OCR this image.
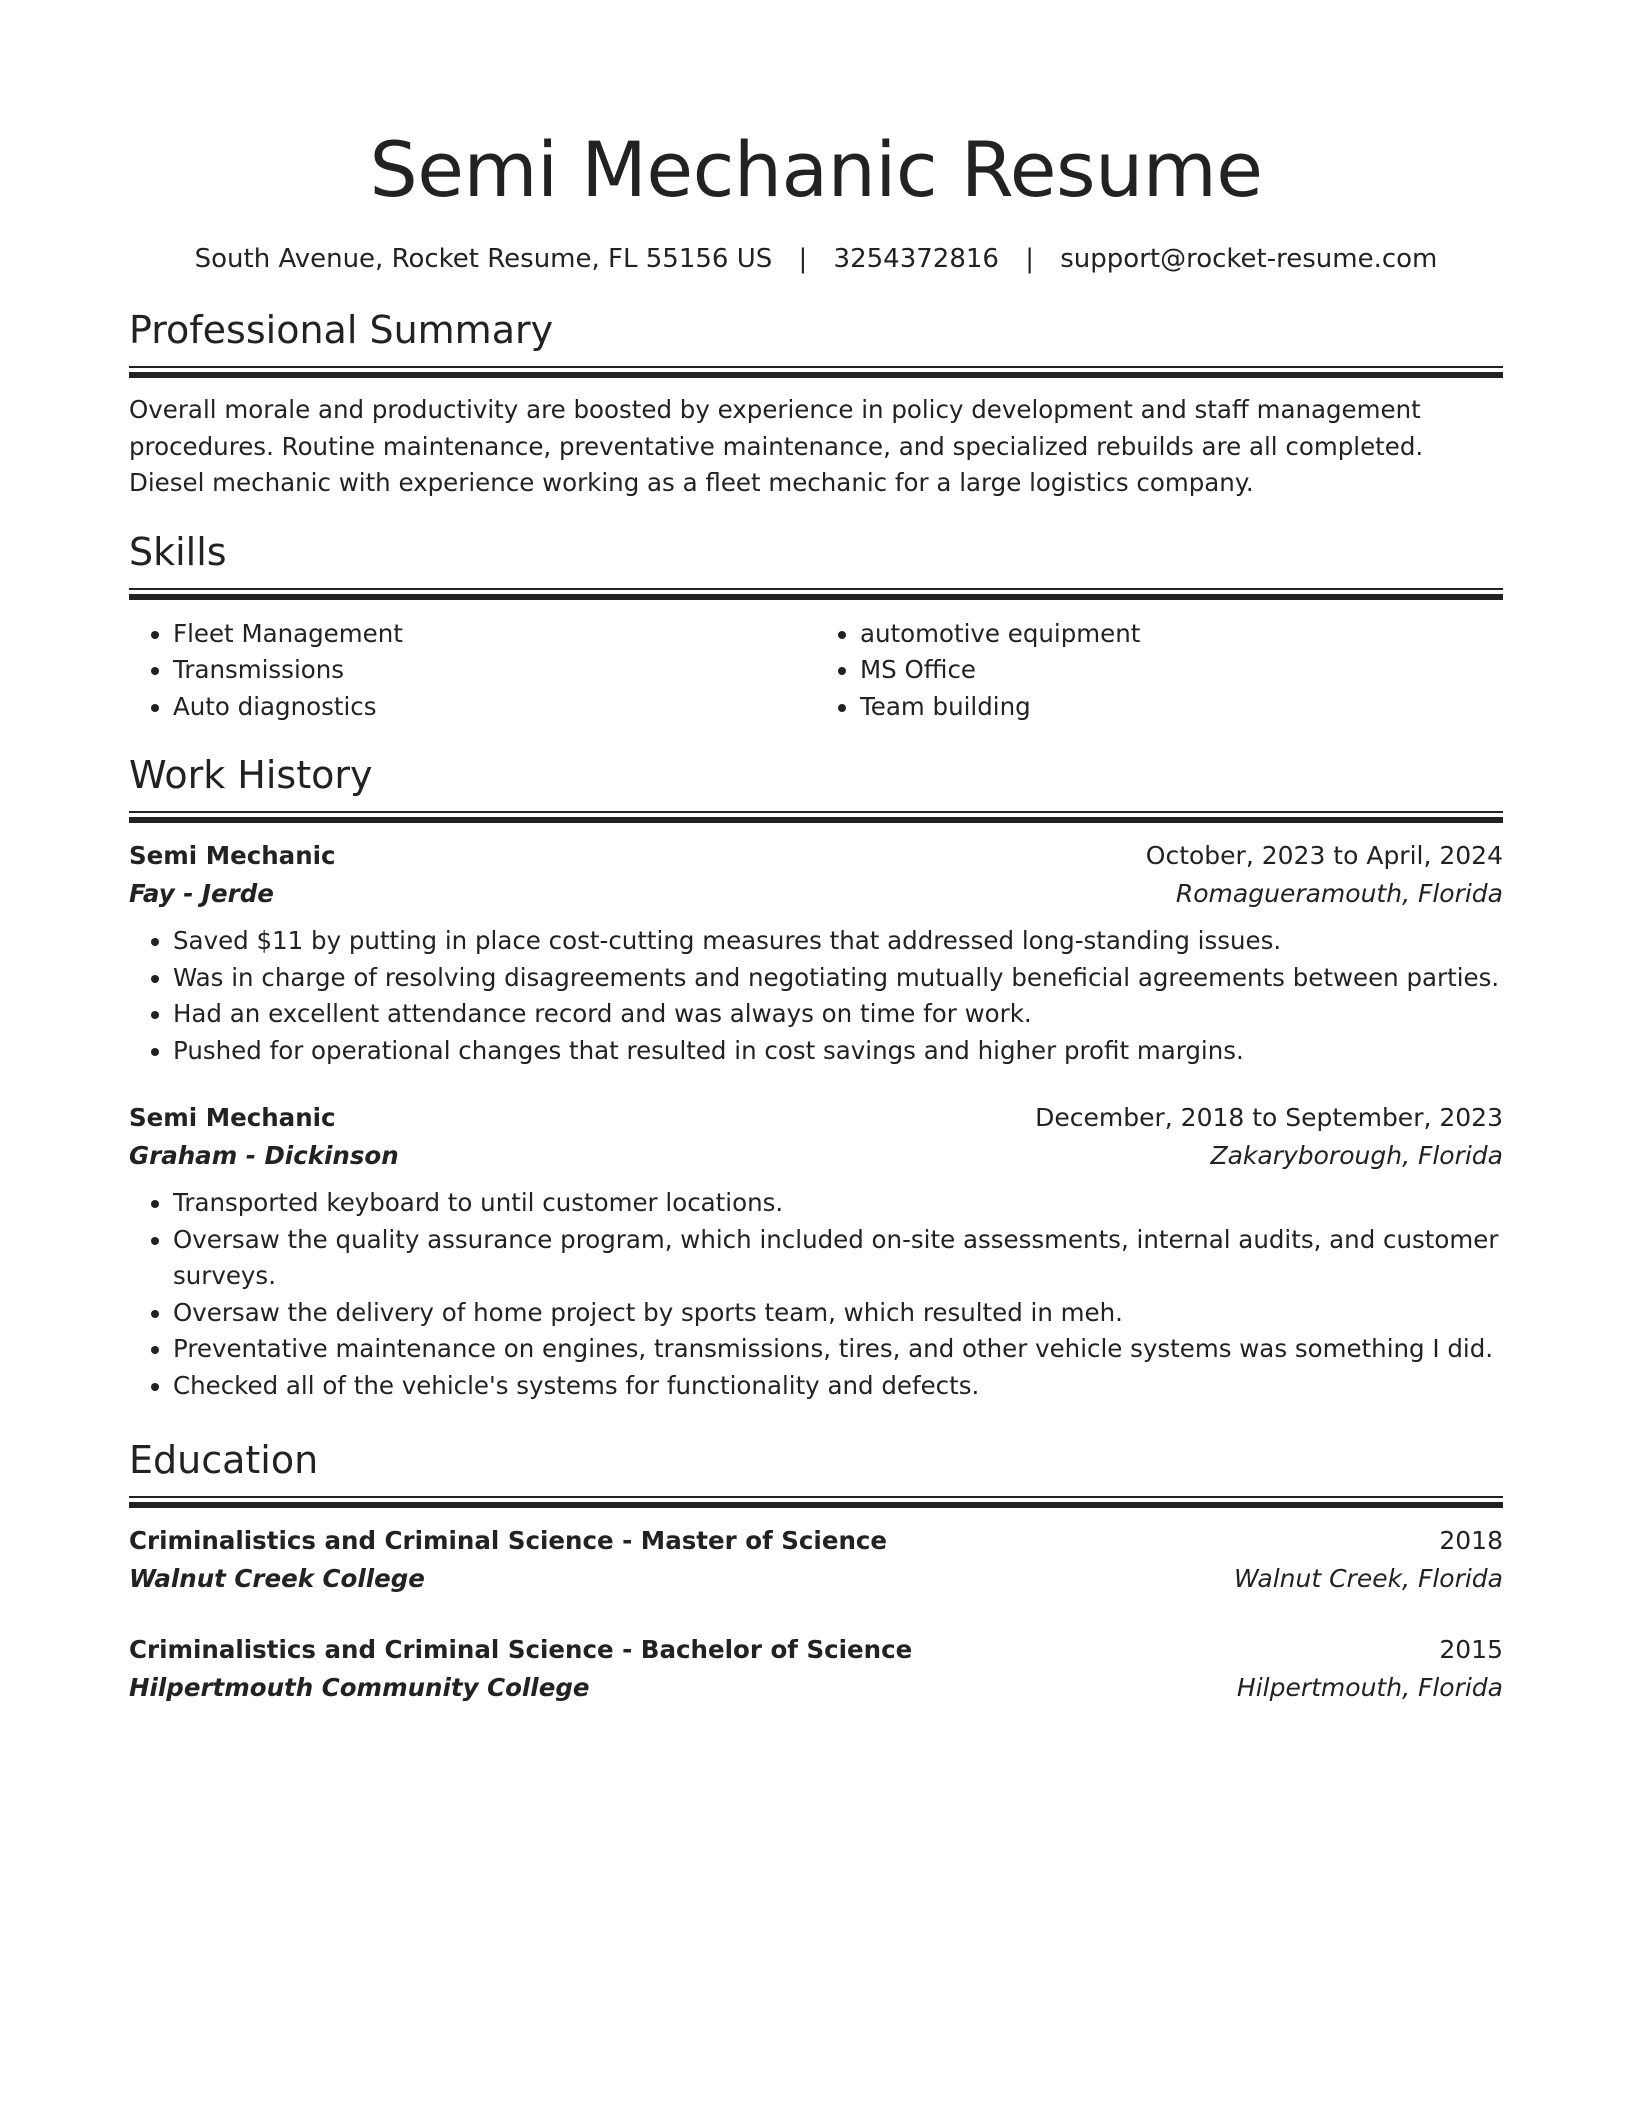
Semi Mechanic Resume
South Avenue, Rocket Resume, FL 55156 US | 3254372816 | support@rocket-resume.com
Professional Summary
Overall morale and productivity are boosted by experience in policy development and staff management procedures. Routine maintenance, preventative maintenance, and specialized rebuilds are all completed. Diesel mechanic with experience working as a fleet mechanic for a large logistics company.
Skills
• Fleet Management
• Transmissions
• Auto diagnostics
• automotive equipment
• MS Office
• Team building
Work History
Semi Mechanic	October, 2023 to April, 2024
Fay - Jerde	Romagueramouth, Florida
• Saved $11 by putting in place cost-cutting measures that addressed long-standing issues.
• Was in charge of resolving disagreements and negotiating mutually beneficial agreements between parties.
• Had an excellent attendance record and was always on time for work.
• Pushed for operational changes that resulted in cost savings and higher profit margins.
Semi Mechanic	December, 2018 to September, 2023
Graham - Dickinson	Zakaryborough, Florida
• Transported keyboard to until customer locations.
• Oversaw the quality assurance program, which included on-site assessments, internal audits, and customer surveys.
• Oversaw the delivery of home project by sports team, which resulted in meh.
• Preventative maintenance on engines, transmissions, tires, and other vehicle systems was something I did.
• Checked all of the vehicle's systems for functionality and defects.
Education
Criminalistics and Criminal Science - Master of Science	2018
Walnut Creek College	Walnut Creek, Florida
Criminalistics and Criminal Science - Bachelor of Science	2015
Hilpertmouth Community College	Hilpertmouth, Florida
